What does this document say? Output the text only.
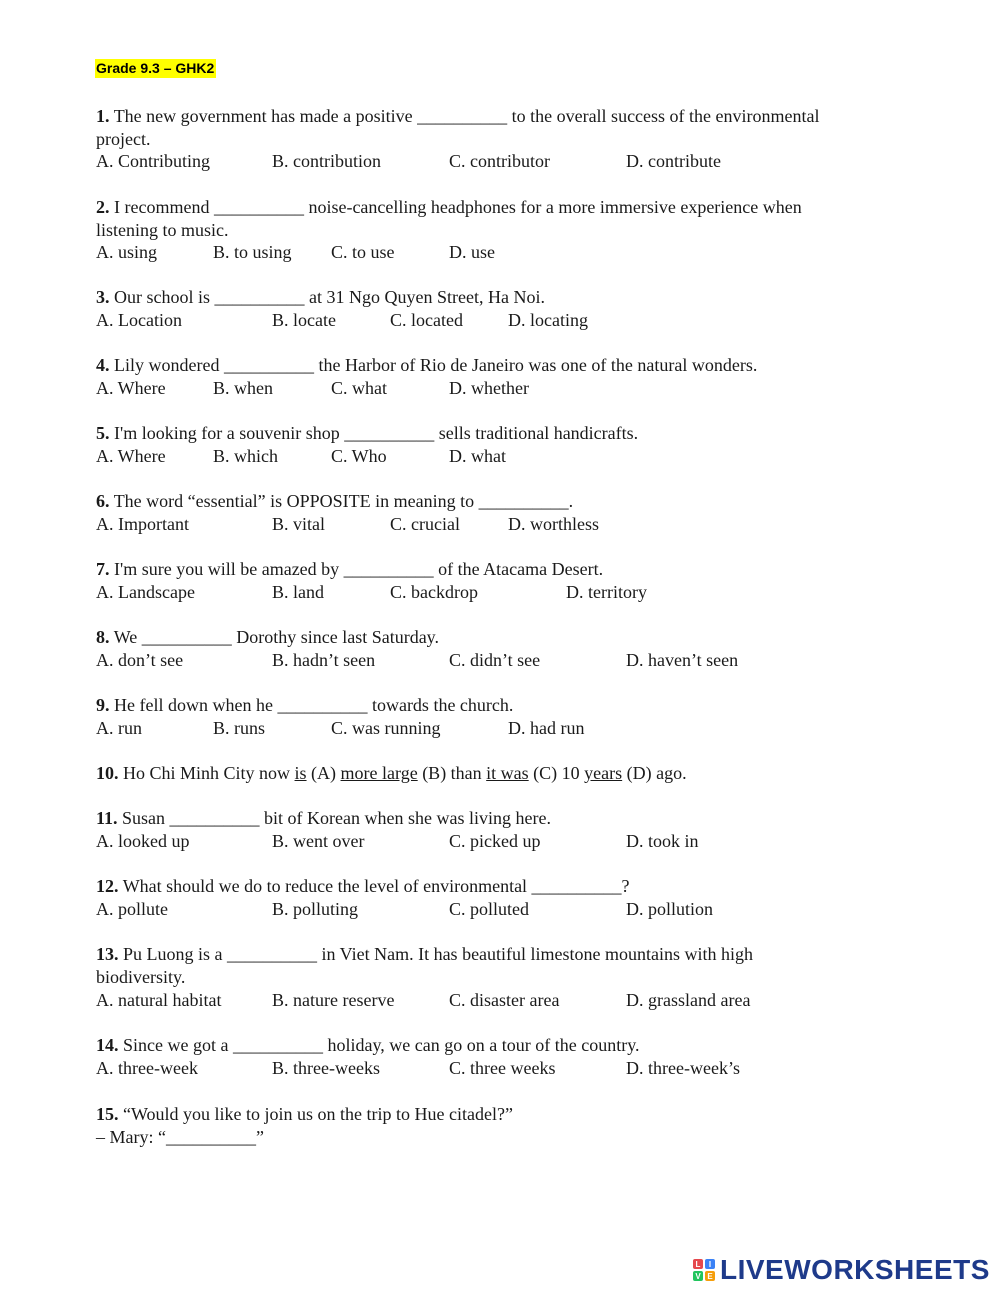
Grade 9.3 – GHK2
1. The new government has made a positive __________ to the overall success of the environmental
project.
A. Contributing	B. contribution	C. contributor	D. contribute
2. I recommend __________ noise-cancelling headphones for a more immersive experience when
listening to music.
A. using	B. to using C. to use	D. use
3. Our school is __________ at 31 Ngo Quyen Street, Ha Noi.
A. Location	B. locate	C. located	D. locating
4. Lily wondered __________ the Harbor of Rio de Janeiro was one of the natural wonders.
A. Where	B. when	C. what	D. whether
5. I'm looking for a souvenir shop __________ sells traditional handicrafts.
A. Where	B. which	C. Who	D. what
6. The word “essential” is OPPOSITE in meaning to __________.
A. Important	B. vital	C. crucial	D. worthless
7. I'm sure you will be amazed by __________ of the Atacama Desert.
A. Landscape	B. land	C. backdrop	D. territory
8. We __________ Dorothy since last Saturday.
A. don’t see	B. hadn’t seen	C. didn’t see	D. haven’t seen
9. He fell down when he __________ towards the church.
A. run	B. runs	C. was running	D. had run
10. Ho Chi Minh City now is (A) more large (B) than it was (C) 10 years (D) ago.
11. Susan __________ bit of Korean when she was living here.
A. looked up	B. went over	C. picked up	D. took in
12. What should we do to reduce the level of environmental __________?
A. pollute	B. polluting	C. polluted	D. pollution
13. Pu Luong is a __________ in Viet Nam. It has beautiful limestone mountains with high
biodiversity.
A. natural habitat	B. nature reserve	C. disaster area	D. grassland area
14. Since we got a __________ holiday, we can go on a tour of the country.
A. three-week	B. three-weeks	C. three weeks	D. three-week’s
15. “Would you like to join us on the trip to Hue citadel?”
– Mary: “__________”
L	I
V E LIVEWORKSHEETS
